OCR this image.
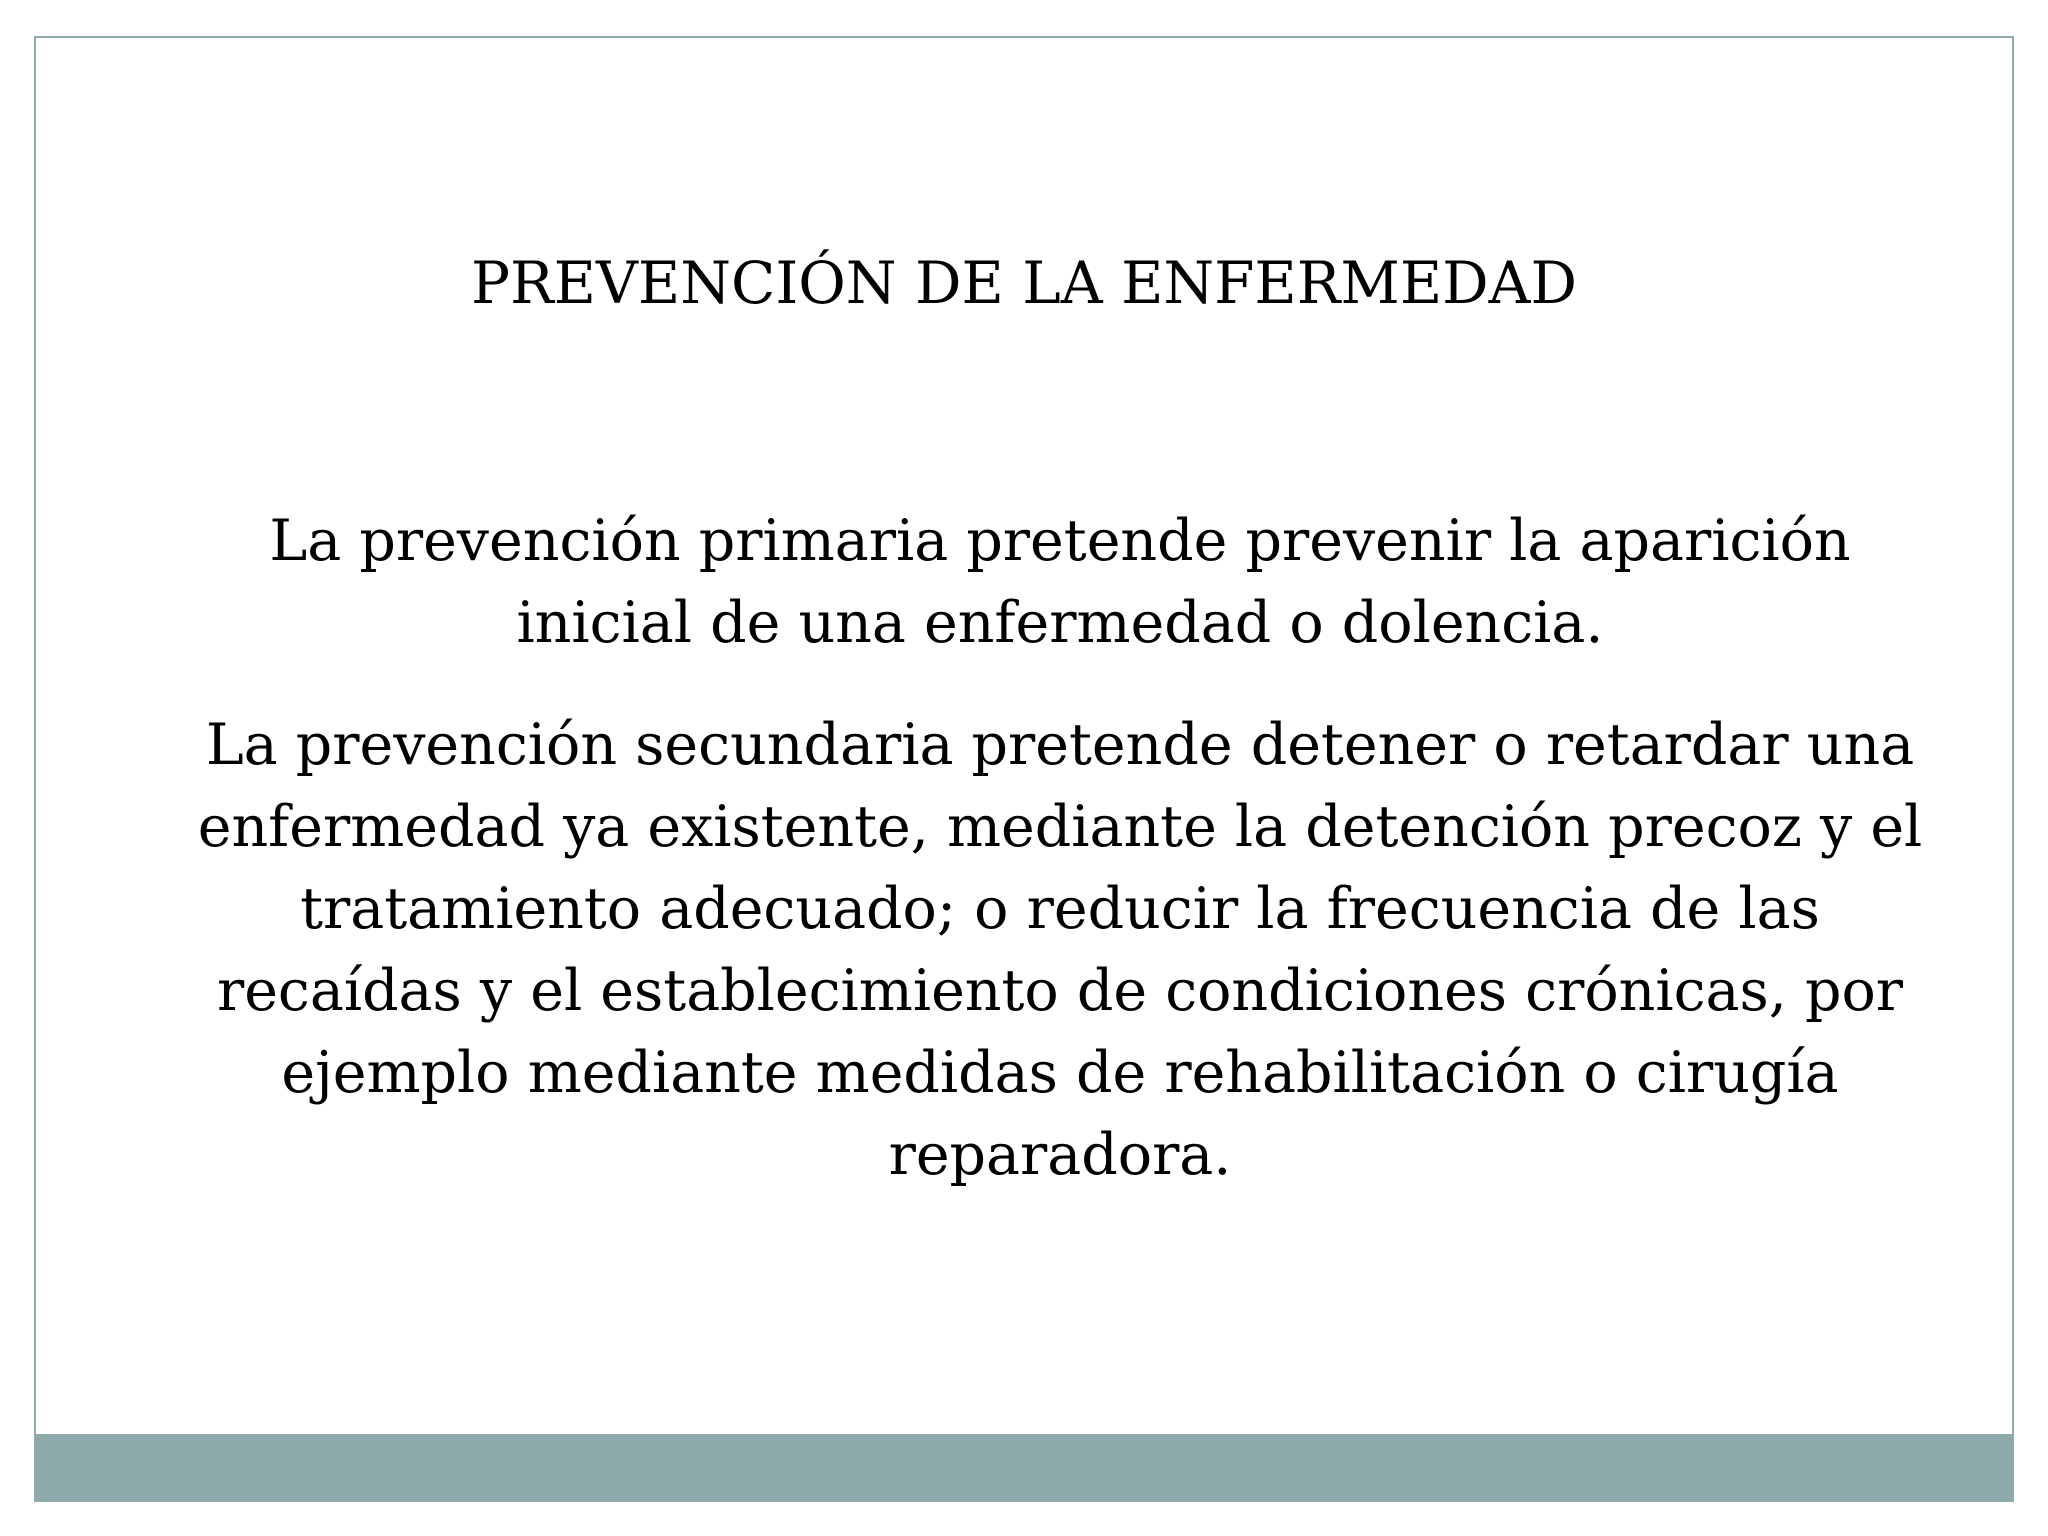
PREVENCIÓN DE LA ENFERMEDAD

La prevención primaria pretende prevenir la aparición inicial de una enfermedad o dolencia.

La prevención secundaria pretende detener o retardar una enfermedad ya existente, mediante la detención precoz y el tratamiento adecuado; o reducir la frecuencia de las recaídas y el establecimiento de condiciones crónicas, por ejemplo mediante medidas de rehabilitación o cirugía reparadora.
